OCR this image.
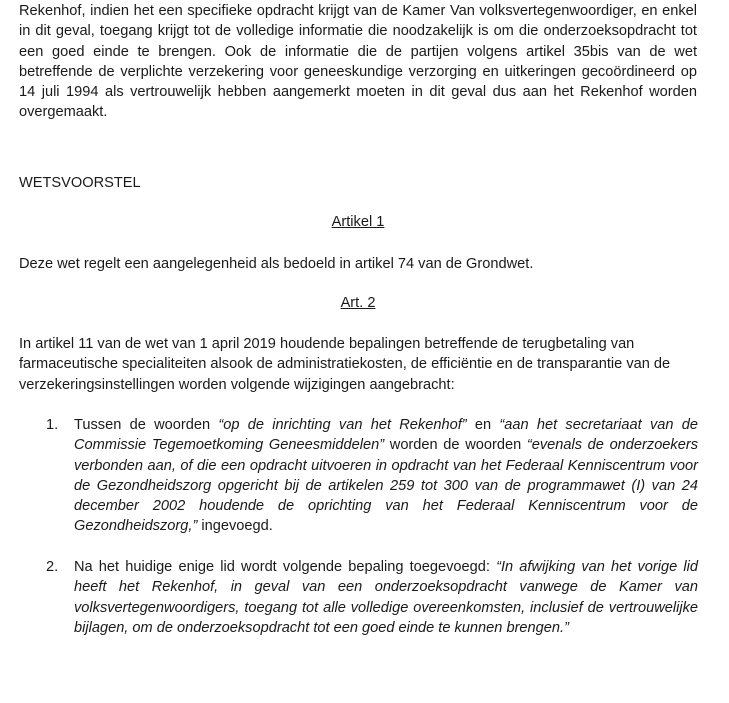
Rekenhof, indien het een specifieke opdracht krijgt van de Kamer Van volksvertegenwoordiger, en enkel in dit geval, toegang krijgt tot de volledige informatie die noodzakelijk is om die onderzoeksopdracht tot een goed einde te brengen. Ook de informatie die de partijen volgens artikel 35bis van de wet betreffende de verplichte verzekering voor geneeskundige verzorging en uitkeringen gecoördineerd op 14 juli 1994 als vertrouwelijk hebben aangemerkt moeten in dit geval dus aan het Rekenhof worden overgemaakt.

WETSVOORSTEL

Artikel 1

Deze wet regelt een aangelegenheid als bedoeld in artikel 74 van de Grondwet.

Art. 2

In artikel 11 van de wet van 1 april 2019 houdende bepalingen betreffende de terugbetaling van farmaceutische specialiteiten alsook de administratiekosten, de efficiëntie en de transparantie van de verzekeringsinstellingen worden volgende wijzigingen aangebracht:

1.	Tussen de woorden “op de inrichting van het Rekenhof” en “aan het secretariaat van de Commissie Tegemoetkoming Geneesmiddelen” worden de woorden “evenals de onderzoekers verbonden aan, of die een opdracht uitvoeren in opdracht van het Federaal Kenniscentrum voor de Gezondheidszorg opgericht bij de artikelen 259 tot 300 van de programmawet (I) van 24 december 2002 houdende de oprichting van het Federaal Kenniscentrum voor de Gezondheidszorg,” ingevoegd.

2.	Na het huidige enige lid wordt volgende bepaling toegevoegd: “In afwijking van het vorige lid heeft het Rekenhof, in geval van een onderzoeksopdracht vanwege de Kamer van volksvertegenwoordigers, toegang tot alle volledige overeenkomsten, inclusief de vertrouwelijke bijlagen, om de onderzoeksopdracht tot een goed einde te kunnen brengen.”
